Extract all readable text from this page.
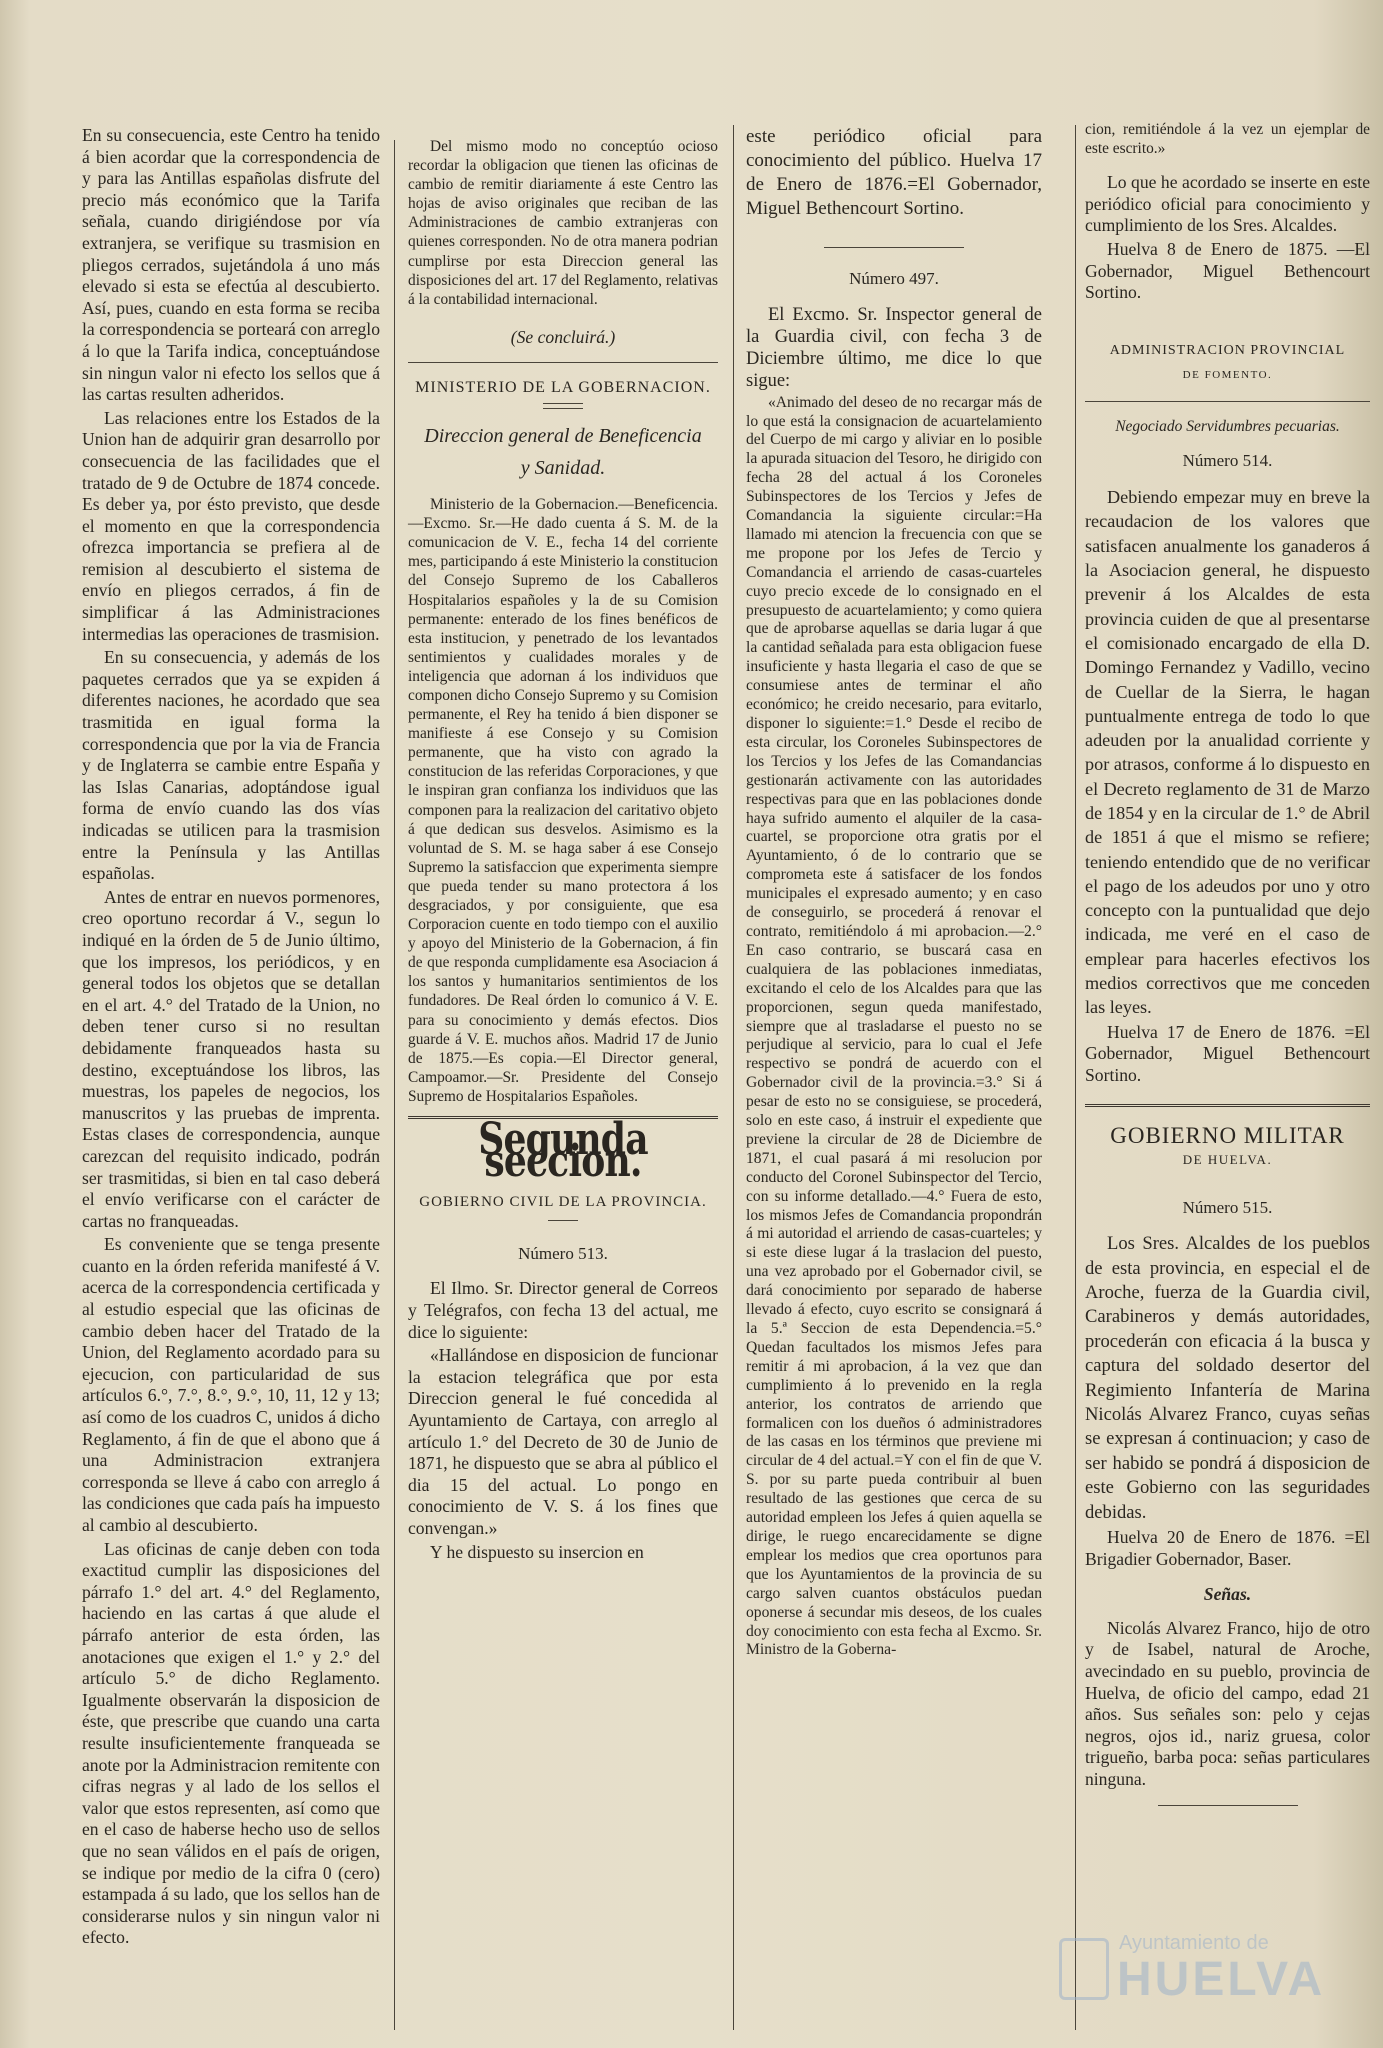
En su consecuencia, este Centro ha tenido á bien acordar que la correspondencia de y para las Antillas españolas disfrute del precio más económico que la Tarifa señala, cuando dirigiéndose por vía extranjera, se verifique su trasmision en pliegos cerrados, sujetándola á uno más elevado si esta se efectúa al descubierto. Así, pues, cuando en esta forma se reciba la correspondencia se porteará con arreglo á lo que la Tarifa indica, conceptuándose sin ningun valor ni efecto los sellos que á las cartas resulten adheridos.

Las relaciones entre los Estados de la Union han de adquirir gran desarrollo por consecuencia de las facilidades que el tratado de 9 de Octubre de 1874 concede. Es deber ya, por ésto previsto, que desde el momento en que la correspondencia ofrezca importancia se prefiera al de remision al descubierto el sistema de envío en pliegos cerrados, á fin de simplificar á las Administraciones intermedias las operaciones de trasmision.

En su consecuencia, y además de los paquetes cerrados que ya se expiden á diferentes naciones, he acordado que sea trasmitida en igual forma la correspondencia que por la via de Francia y de Inglaterra se cambie entre España y las Islas Canarias, adoptándose igual forma de envío cuando las dos vías indicadas se utilicen para la trasmision entre la Península y las Antillas españolas.

Antes de entrar en nuevos pormenores, creo oportuno recordar á V., segun lo indiqué en la órden de 5 de Junio último, que los impresos, los periódicos, y en general todos los objetos que se detallan en el art. 4.° del Tratado de la Union, no deben tener curso si no resultan debidamente franqueados hasta su destino, exceptuándose los libros, las muestras, los papeles de negocios, los manuscritos y las pruebas de imprenta. Estas clases de correspondencia, aunque carezcan del requisito indicado, podrán ser trasmitidas, si bien en tal caso deberá el envío verificarse con el carácter de cartas no franqueadas.

Es conveniente que se tenga presente cuanto en la órden referida manifesté á V. acerca de la correspondencia certificada y al estudio especial que las oficinas de cambio deben hacer del Tratado de la Union, del Reglamento acordado para su ejecucion, con particularidad de sus artículos 6.°, 7.°, 8.°, 9.°, 10, 11, 12 y 13; así como de los cuadros C, unidos á dicho Reglamento, á fin de que el abono que á una Administracion extranjera corresponda se lleve á cabo con arreglo á las condiciones que cada país ha impuesto al cambio al descubierto.

Las oficinas de canje deben con toda exactitud cumplir las disposiciones del párrafo 1.° del art. 4.° del Reglamento, haciendo en las cartas á que alude el párrafo anterior de esta órden, las anotaciones que exigen el 1.° y 2.° del artículo 5.° de dicho Reglamento. Igualmente observarán la disposicion de éste, que prescribe que cuando una carta resulte insuficientemente franqueada se anote por la Administracion remitente con cifras negras y al lado de los sellos el valor que estos representen, así como que en el caso de haberse hecho uso de sellos que no sean válidos en el país de origen, se indique por medio de la cifra 0 (cero) estampada á su lado, que los sellos han de considerarse nulos y sin ningun valor ni efecto.

Del mismo modo no conceptúo ocioso recordar la obligacion que tienen las oficinas de cambio de remitir diariamente á este Centro las hojas de aviso originales que reciban de las Administraciones de cambio extranjeras con quienes corresponden. No de otra manera podrian cumplirse por esta Direccion general las disposiciones del art. 17 del Reglamento, relativas á la contabilidad internacional.

(Se concluirá.)

MINISTERIO DE LA GOBERNACION.

Direccion general de Beneficencia

y Sanidad.

Ministerio de la Gobernacion.—Beneficencia.—Excmo. Sr.—He dado cuenta á S. M. de la comunicacion de V. E., fecha 14 del corriente mes, participando á este Ministerio la constitucion del Consejo Supremo de los Caballeros Hospitalarios españoles y la de su Comision permanente: enterado de los fines benéficos de esta institucion, y penetrado de los levantados sentimientos y cualidades morales y de inteligencia que adornan á los individuos que componen dicho Consejo Supremo y su Comision permanente, el Rey ha tenido á bien disponer se manifieste á ese Consejo y su Comision permanente, que ha visto con agrado la constitucion de las referidas Corporaciones, y que le inspiran gran confianza los individuos que las componen para la realizacion del caritativo objeto á que dedican sus desvelos. Asimismo es la voluntad de S. M. se haga saber á ese Consejo Supremo la satisfaccion que experimenta siempre que pueda tender su mano protectora á los desgraciados, y por consiguiente, que esa Corporacion cuente en todo tiempo con el auxilio y apoyo del Ministerio de la Gobernacion, á fin de que responda cumplidamente esa Asociacion á los santos y humanitarios sentimientos de los fundadores. De Real órden lo comunico á V. E. para su conocimiento y demás efectos. Dios guarde á V. E. muchos años. Madrid 17 de Junio de 1875.—Es copia.—El Director general, Campoamor.—Sr. Presidente del Consejo Supremo de Hospitalarios Españoles.

Segunda seccion.
GOBIERNO CIVIL DE LA PROVINCIA.
Número 513.

El Ilmo. Sr. Director general de Correos y Telégrafos, con fecha 13 del actual, me dice lo siguiente:

«Hallándose en disposicion de funcionar la estacion telegráfica que por esta Direccion general le fué concedida al Ayuntamiento de Cartaya, con arreglo al artículo 1.° del Decreto de 30 de Junio de 1871, he dispuesto que se abra al público el dia 15 del actual. Lo pongo en conocimiento de V. S. á los fines que convengan.»

Y he dispuesto su insercion en

este periódico oficial para conocimiento del público. Huelva 17 de Enero de 1876.=El Gobernador, Miguel Bethencourt Sortino.

Número 497.

El Excmo. Sr. Inspector general de la Guardia civil, con fecha 3 de Diciembre último, me dice lo que sigue:

«Animado del deseo de no recargar más de lo que está la consignacion de acuartelamiento del Cuerpo de mi cargo y aliviar en lo posible la apurada situacion del Tesoro, he dirigido con fecha 28 del actual á los Coroneles Subinspectores de los Tercios y Jefes de Comandancia la siguiente circular:=Ha llamado mi atencion la frecuencia con que se me propone por los Jefes de Tercio y Comandancia el arriendo de casas-cuarteles cuyo precio excede de lo consignado en el presupuesto de acuartelamiento; y como quiera que de aprobarse aquellas se daria lugar á que la cantidad señalada para esta obligacion fuese insuficiente y hasta llegaria el caso de que se consumiese antes de terminar el año económico; he creido necesario, para evitarlo, disponer lo siguiente:=1.° Desde el recibo de esta circular, los Coroneles Subinspectores de los Tercios y los Jefes de las Comandancias gestionarán activamente con las autoridades respectivas para que en las poblaciones donde haya sufrido aumento el alquiler de la casa-cuartel, se proporcione otra gratis por el Ayuntamiento, ó de lo contrario que se comprometa este á satisfacer de los fondos municipales el expresado aumento; y en caso de conseguirlo, se procederá á renovar el contrato, remitiéndolo á mi aprobacion.—2.° En caso contrario, se buscará casa en cualquiera de las poblaciones inmediatas, excitando el celo de los Alcaldes para que las proporcionen, segun queda manifestado, siempre que al trasladarse el puesto no se perjudique al servicio, para lo cual el Jefe respectivo se pondrá de acuerdo con el Gobernador civil de la provincia.=3.° Si á pesar de esto no se consiguiese, se procederá, solo en este caso, á instruir el expediente que previene la circular de 28 de Diciembre de 1871, el cual pasará á mi resolucion por conducto del Coronel Subinspector del Tercio, con su informe detallado.—4.° Fuera de esto, los mismos Jefes de Comandancia propondrán á mi autoridad el arriendo de casas-cuarteles; y si este diese lugar á la traslacion del puesto, una vez aprobado por el Gobernador civil, se dará conocimiento por separado de haberse llevado á efecto, cuyo escrito se consignará á la 5.ª Seccion de esta Dependencia.=5.° Quedan facultados los mismos Jefes para remitir á mi aprobacion, á la vez que dan cumplimiento á lo prevenido en la regla anterior, los contratos de arriendo que formalicen con los dueños ó administradores de las casas en los términos que previene mi circular de 4 del actual.=Y con el fin de que V. S. por su parte pueda contribuir al buen resultado de las gestiones que cerca de su autoridad empleen los Jefes á quien aquella se dirige, le ruego encarecidamente se digne emplear los medios que crea oportunos para que los Ayuntamientos de la provincia de su cargo salven cuantos obstáculos puedan oponerse á secundar mis deseos, de los cuales doy conocimiento con esta fecha al Excmo. Sr. Ministro de la Goberna-

cion, remitiéndole á la vez un ejemplar de este escrito.»

Lo que he acordado se inserte en este periódico oficial para conocimiento y cumplimiento de los Sres. Alcaldes.

Huelva 8 de Enero de 1875. —El Gobernador, Miguel Bethencourt Sortino.

ADMINISTRACION PROVINCIAL
DE FOMENTO.

Negociado Servidumbres pecuarias.

Número 514.

Debiendo empezar muy en breve la recaudacion de los valores que satisfacen anualmente los ganaderos á la Asociacion general, he dispuesto prevenir á los Alcaldes de esta provincia cuiden de que al presentarse el comisionado encargado de ella D. Domingo Fernandez y Vadillo, vecino de Cuellar de la Sierra, le hagan puntualmente entrega de todo lo que adeuden por la anualidad corriente y por atrasos, conforme á lo dispuesto en el Decreto reglamento de 31 de Marzo de 1854 y en la circular de 1.° de Abril de 1851 á que el mismo se refiere; teniendo entendido que de no verificar el pago de los adeudos por uno y otro concepto con la puntualidad que dejo indicada, me veré en el caso de emplear para hacerles efectivos los medios correctivos que me conceden las leyes.

Huelva 17 de Enero de 1876. =El Gobernador, Miguel Bethencourt Sortino.

GOBIERNO MILITAR
DE HUELVA.
Número 515.

Los Sres. Alcaldes de los pueblos de esta provincia, en especial el de Aroche, fuerza de la Guardia civil, Carabineros y demás autoridades, procederán con eficacia á la busca y captura del soldado desertor del Regimiento Infantería de Marina Nicolás Alvarez Franco, cuyas señas se expresan á continuacion; y caso de ser habido se pondrá á disposicion de este Gobierno con las seguridades debidas.

Huelva 20 de Enero de 1876. =El Brigadier Gobernador, Baser.

Señas.

Nicolás Alvarez Franco, hijo de otro y de Isabel, natural de Aroche, avecindado en su pueblo, provincia de Huelva, de oficio del campo, edad 21 años. Sus señales son: pelo y cejas negros, ojos id., nariz gruesa, color trigueño, barba poca: señas particulares ninguna.

Ayuntamiento de
HUELVA
